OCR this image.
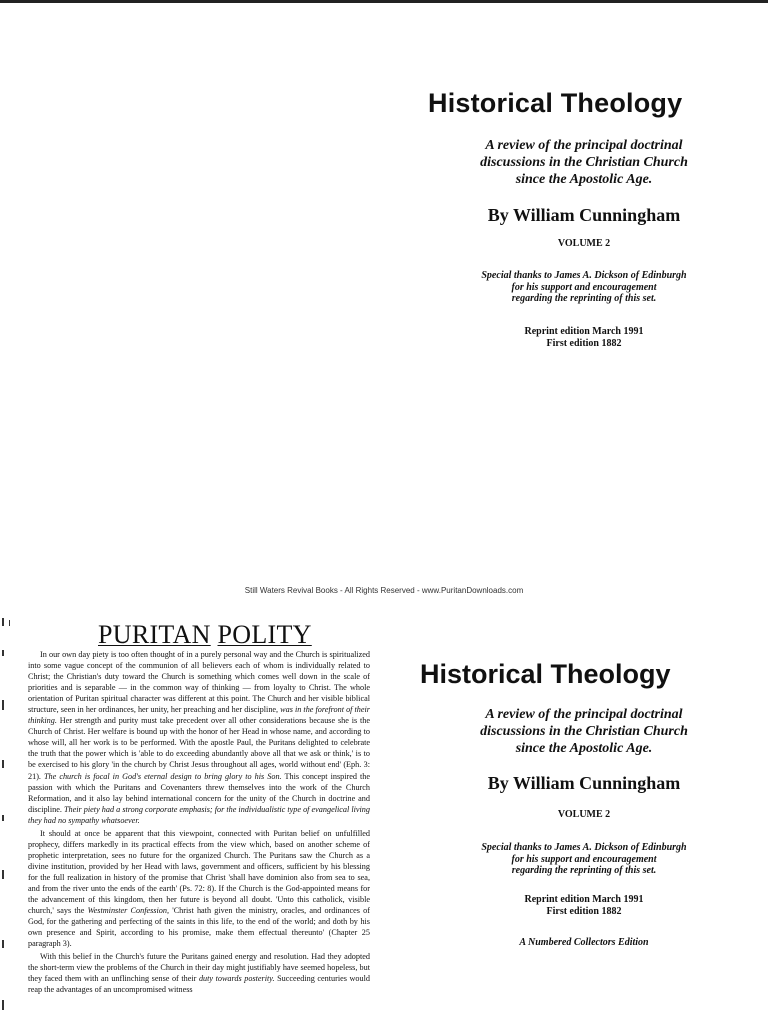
Historical Theology
A review of the principal doctrinal
discussions in the Christian Church
since the Apostolic Age.
By William Cunningham
VOLUME 2
Special thanks to James A. Dickson of Edinburgh
for his support and encouragement
regarding the reprinting of this set.
Reprint edition March 1991
First edition 1882
Still Waters Revival Books - All Rights Reserved - www.PuritanDownloads.com
PURITAN POLITY

In our own day piety is too often thought of in a purely personal way and the Church is spiritualized into some vague concept of the communion of all believers each of whom is individually related to Christ; the Christian's duty toward the Church is something which comes well down in the scale of priorities and is separable — in the common way of thinking — from loyalty to Christ. The whole orientation of Puritan spiritual character was different at this point. The Church and her visible biblical structure, seen in her ordinances, her unity, her preaching and her discipline, was in the forefront of their thinking. Her strength and purity must take precedent over all other considerations because she is the Church of Christ. Her welfare is bound up with the honor of her Head in whose name, and according to whose will, all her work is to be performed. With the apostle Paul, the Puritans delighted to celebrate the truth that the power which is 'able to do exceeding abundantly above all that we ask or think,' is to be exercised to his glory 'in the church by Christ Jesus throughout all ages, world without end' (Eph. 3: 21). The church is focal in God's eternal design to bring glory to his Son. This concept inspired the passion with which the Puritans and Covenanters threw themselves into the work of the Church Reformation, and it also lay behind international concern for the unity of the Church in doctrine and discipline. Their piety had a strong corporate emphasis; for the individualistic type of evangelical living they had no sympathy whatsoever.

It should at once be apparent that this viewpoint, connected with Puritan belief on unfulfilled prophecy, differs markedly in its practical effects from the view which, based on another scheme of prophetic interpretation, sees no future for the organized Church. The Puritans saw the Church as a divine institution, provided by her Head with laws, government and officers, sufficient by his blessing for the full realization in history of the promise that Christ 'shall have dominion also from sea to sea, and from the river unto the ends of the earth' (Ps. 72: 8). If the Church is the God-appointed means for the advancement of this kingdom, then her future is beyond all doubt. 'Unto this catholick, visible church,' says the Westminster Confession, 'Christ hath given the ministry, oracles, and ordinances of God, for the gathering and perfecting of the saints in this life, to the end of the world; and doth by his own presence and Spirit, according to his promise, make them effectual thereunto' (Chapter 25 paragraph 3).

With this belief in the Church's future the Puritans gained energy and resolution. Had they adopted the short-term view the problems of the Church in their day might justifiably have seemed hopeless, but they faced them with an unflinching sense of their duty towards posterity. Succeeding centuries would reap the advantages of an uncompromised witness

Historical Theology
A review of the principal doctrinal
discussions in the Christian Church
since the Apostolic Age.
By William Cunningham
VOLUME 2
Special thanks to James A. Dickson of Edinburgh
for his support and encouragement
regarding the reprinting of this set.
Reprint edition March 1991
First edition 1882
A Numbered Collectors Edition
